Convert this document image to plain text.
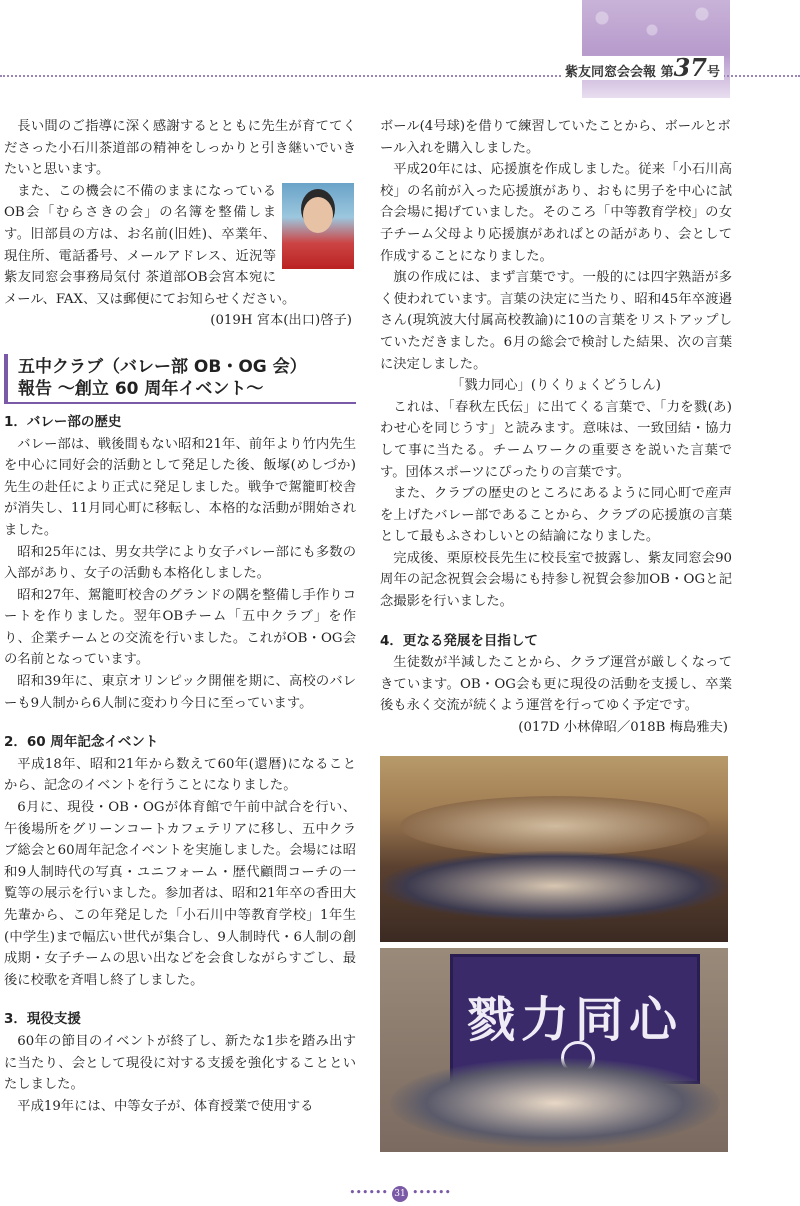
紫友同窓会会報 第37号

長い間のご指導に深く感謝するとともに先生が育ててくださった小石川茶道部の精神をしっかりと引き継いでいきたいと思います。

また、この機会に不備のままになっているOB会「むらさきの会」の名簿を整備します。旧部員の方は、お名前(旧姓)、卒業年、現住所、電話番号、メールアドレス、近況等紫友同窓会事務局気付 茶道部OB会宮本宛にメール、FAX、又は郵便にてお知らせください。

(019H 宮本(出口)啓子)

五中クラブ（バレー部 OB・OG 会）
報告 〜創立 60 周年イベント〜
1．バレー部の歴史

バレー部は、戦後間もない昭和21年、前年より竹内先生を中心に同好会的活動として発足した後、飯塚(めしづか)先生の赴任により正式に発足しました。戦争で駕籠町校舎が消失し、11月同心町に移転し、本格的な活動が開始されました。

昭和25年には、男女共学により女子バレー部にも多数の入部があり、女子の活動も本格化しました。

昭和27年、駕籠町校舎のグランドの隅を整備し手作りコートを作りました。翌年OBチーム「五中クラブ」を作り、企業チームとの交流を行いました。これがOB・OG会の名前となっています。

昭和39年に、東京オリンピック開催を期に、高校のバレーも9人制から6人制に変わり今日に至っています。

2．60 周年記念イベント

平成18年、昭和21年から数えて60年(還暦)になることから、記念のイベントを行うことになりました。

6月に、現役・OB・OGが体育館で午前中試合を行い、午後場所をグリーンコートカフェテリアに移し、五中クラブ総会と60周年記念イベントを実施しました。会場には昭和9人制時代の写真・ユニフォーム・歴代顧問コーチの一覧等の展示を行いました。参加者は、昭和21年卒の香田大先輩から、この年発足した「小石川中等教育学校」1年生(中学生)まで幅広い世代が集合し、9人制時代・6人制の創成期・女子チームの思い出などを会食しながらすごし、最後に校歌を斉唱し終了しました。

3．現役支援

60年の節目のイベントが終了し、新たな1歩を踏み出すに当たり、会として現役に対する支援を強化することといたしました。

平成19年には、中等女子が、体育授業で使用する

ボール(4号球)を借りて練習していたことから、ボールとボール入れを購入しました。

平成20年には、応援旗を作成しました。従来「小石川高校」の名前が入った応援旗があり、おもに男子を中心に試合会場に掲げていました。そのころ「中等教育学校」の女子チーム父母より応援旗があればとの話があり、会として作成することになりました。

旗の作成には、まず言葉です。一般的には四字熟語が多く使われています。言葉の決定に当たり、昭和45年卒渡邉さん(現筑波大付属高校教諭)に10の言葉をリストアップしていただきました。6月の総会で検討した結果、次の言葉に決定しました。

「戮力同心」(りくりょくどうしん)

これは、「春秋左氏伝」に出てくる言葉で、「力を戮(あ)わせ心を同じうす」と読みます。意味は、一致団結・協力して事に当たる。チームワークの重要さを説いた言葉です。団体スポーツにぴったりの言葉です。

また、クラブの歴史のところにあるように同心町で産声を上げたバレー部であることから、クラブの応援旗の言葉として最もふさわしいとの結論になりました。

完成後、栗原校長先生に校長室で披露し、紫友同窓会90周年の記念祝賀会会場にも持参し祝賀会参加OB・OGと記念撮影を行いました。

4．更なる発展を目指して

生徒数が半減したことから、クラブ運営が厳しくなってきています。OB・OG会も更に現役の活動を支援し、卒業後も永く交流が続くよう運営を行ってゆく予定です。

(017D 小林偉昭／018B 梅島雅夫)

戮力同心
•••••• 31 ••••••
